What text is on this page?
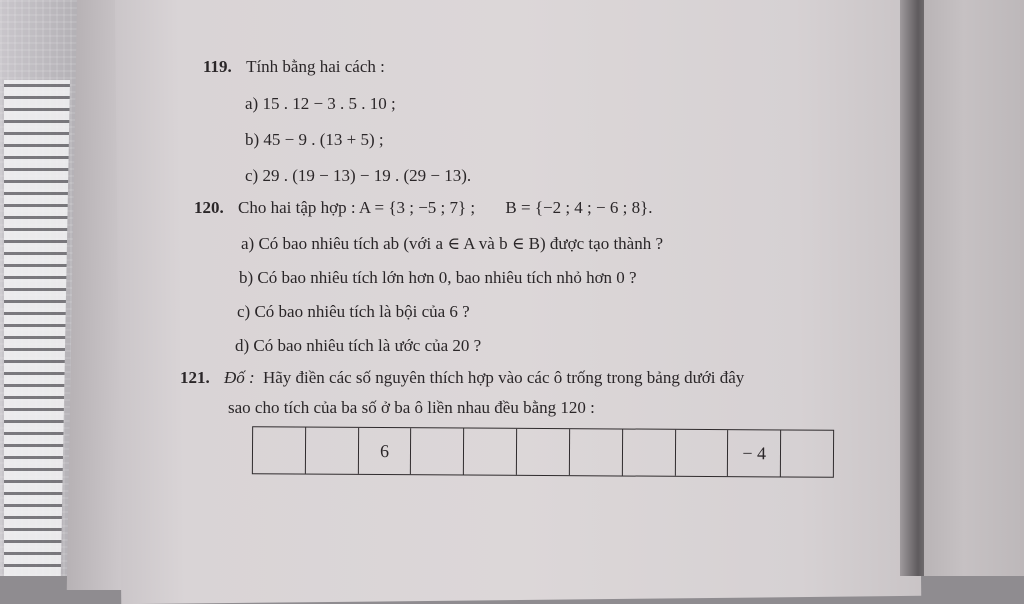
119. Tính bằng hai cách :
a) 15 . 12 − 3 . 5 . 10 ;
b) 45 − 9 . (13 + 5) ;
c) 29 . (19 − 13) − 19 . (29 − 13).
120. Cho hai tập hợp : A = {3 ; −5 ; 7} ; B = {−2 ; 4 ; − 6 ; 8}.
a) Có bao nhiêu tích ab (với a ∈ A và b ∈ B) được tạo thành ?
b) Có bao nhiêu tích lớn hơn 0, bao nhiêu tích nhỏ hơn 0 ?
c) Có bao nhiêu tích là bội của 6 ?
d) Có bao nhiêu tích là ước của 20 ?
121. Đố : Hãy điền các số nguyên thích hợp vào các ô trống trong bảng dưới đây
sao cho tích của ba số ở ba ô liền nhau đều bằng 120 :
6	− 4
